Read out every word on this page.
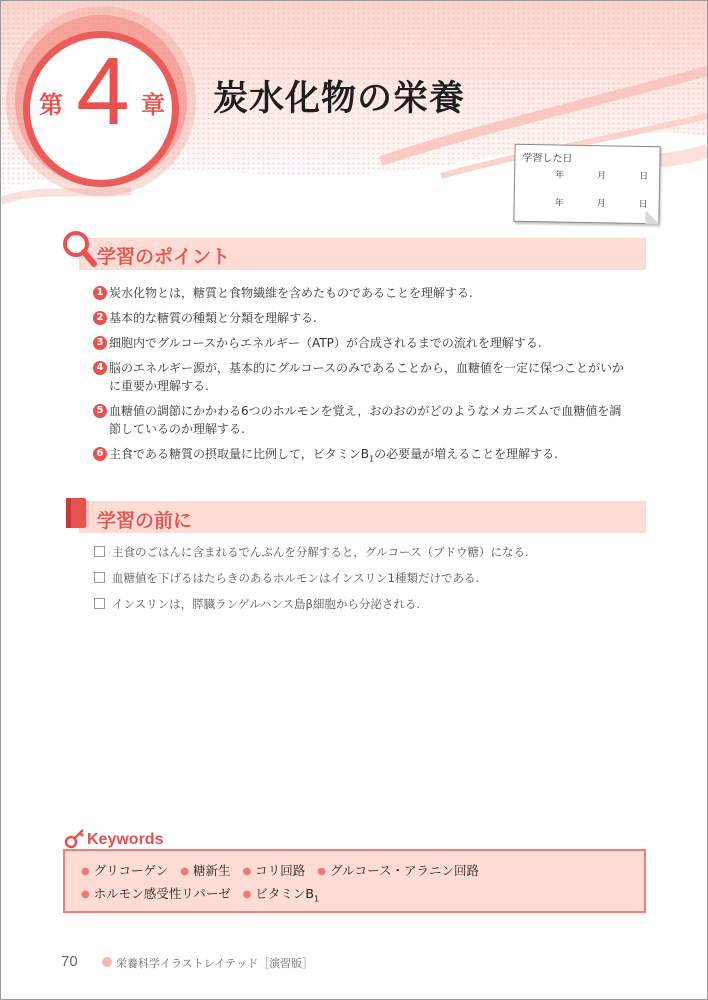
第 4 章 炭水化物の栄養
学習した日
年	月	日
年	月	日
学習のポイント
1 炭水化物とは，糖質と食物繊維を含めたものであることを理解する.
2 基本的な糖質の種類と分類を理解する.
3 細胞内でグルコースからエネルギー（ATP）が合成されるまでの流れを理解する.
4 脳のエネルギー源が，基本的にグルコースのみであることから，血糖値を一定に保つことがいかに重要か理解する.
5 血糖値の調節にかかわる6つのホルモンを覚え，おのおのがどのようなメカニズムで血糖値を調節しているのか理解する.
6 主食である糖質の摂取量に比例して，ビタミン$B_1$の必要量が増えることを理解する.
学習の前に
主食のごはんに含まれるでんぷんを分解すると，グルコース（ブドウ糖）になる.
血糖値を下げるはたらきのあるホルモンはインスリン1種類だけである.
インスリンは，膵臓ランゲルハンス島β細胞から分泌される.
Keywords
● グリコーゲン ● 糖新生 ● コリ回路 ● グルコース・アラニン回路
● ホルモン感受性リパーゼ ● ビタミン$B_1$
70	栄養科学イラストレイテッド［演習版］
